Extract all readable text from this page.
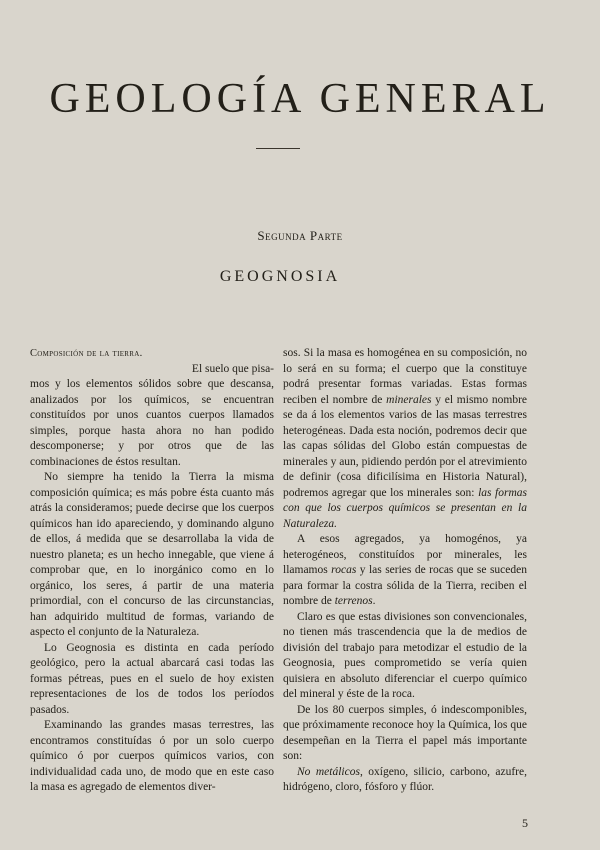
GEOLOGÍA GENERAL
Segunda Parte
GEOGNOSIA

Composición de la tierra.
El suelo que pisa-
mos y los elementos sólidos sobre que descansa, analizados por los químicos, se encuentran constituídos por unos cuantos cuerpos llamados simples, porque hasta ahora no han podido descomponerse; y por otros que de las combinaciones de éstos resultan.

No siempre ha tenido la Tierra la misma composición química; es más pobre ésta cuanto más atrás la consideramos; puede decirse que los cuerpos químicos han ido apareciendo, y dominando alguno de ellos, á medida que se desarrollaba la vida de nuestro planeta; es un hecho innegable, que viene á comprobar que, en lo inorgánico como en lo orgánico, los seres, á partir de una materia primordial, con el concurso de las circunstancias, han adquirido multitud de formas, variando de aspecto el conjunto de la Naturaleza.

Lo Geognosia es distinta en cada período geológico, pero la actual abarcará casi todas las formas pétreas, pues en el suelo de hoy existen representaciones de los de todos los períodos pasados.

Examinando las grandes masas terrestres, las encontramos constituídas ó por un solo cuerpo químico ó por cuerpos químicos varios, con individualidad cada uno, de modo que en este caso la masa es agregado de elementos diver-

sos. Si la masa es homogénea en su composición, no lo será en su forma; el cuerpo que la constituye podrá presentar formas variadas. Estas formas reciben el nombre de minerales y el mismo nombre se da á los elementos varios de las masas terrestres heterogéneas. Dada esta noción, podremos decir que las capas sólidas del Globo están compuestas de minerales y aun, pidiendo perdón por el atrevimiento de definir (cosa dificilísima en Historia Natural), podremos agregar que los minerales son: las formas con que los cuerpos químicos se presentan en la Naturaleza.

A esos agregados, ya homogénos, ya heterogéneos, constituídos por minerales, les llamamos rocas y las series de rocas que se suceden para formar la costra sólida de la Tierra, reciben el nombre de terrenos.

Claro es que estas divisiones son convencionales, no tienen más trascendencia que la de medios de división del trabajo para metodizar el estudio de la Geognosia, pues comprometido se vería quien quisiera en absoluto diferenciar el cuerpo químico del mineral y éste de la roca.

De los 80 cuerpos simples, ó indescomponibles, que próximamente reconoce hoy la Química, los que desempeñan en la Tierra el papel más importante son:

No metálicos, oxígeno, silicio, carbono, azufre, hidrógeno, cloro, fósforo y flúor.

5
